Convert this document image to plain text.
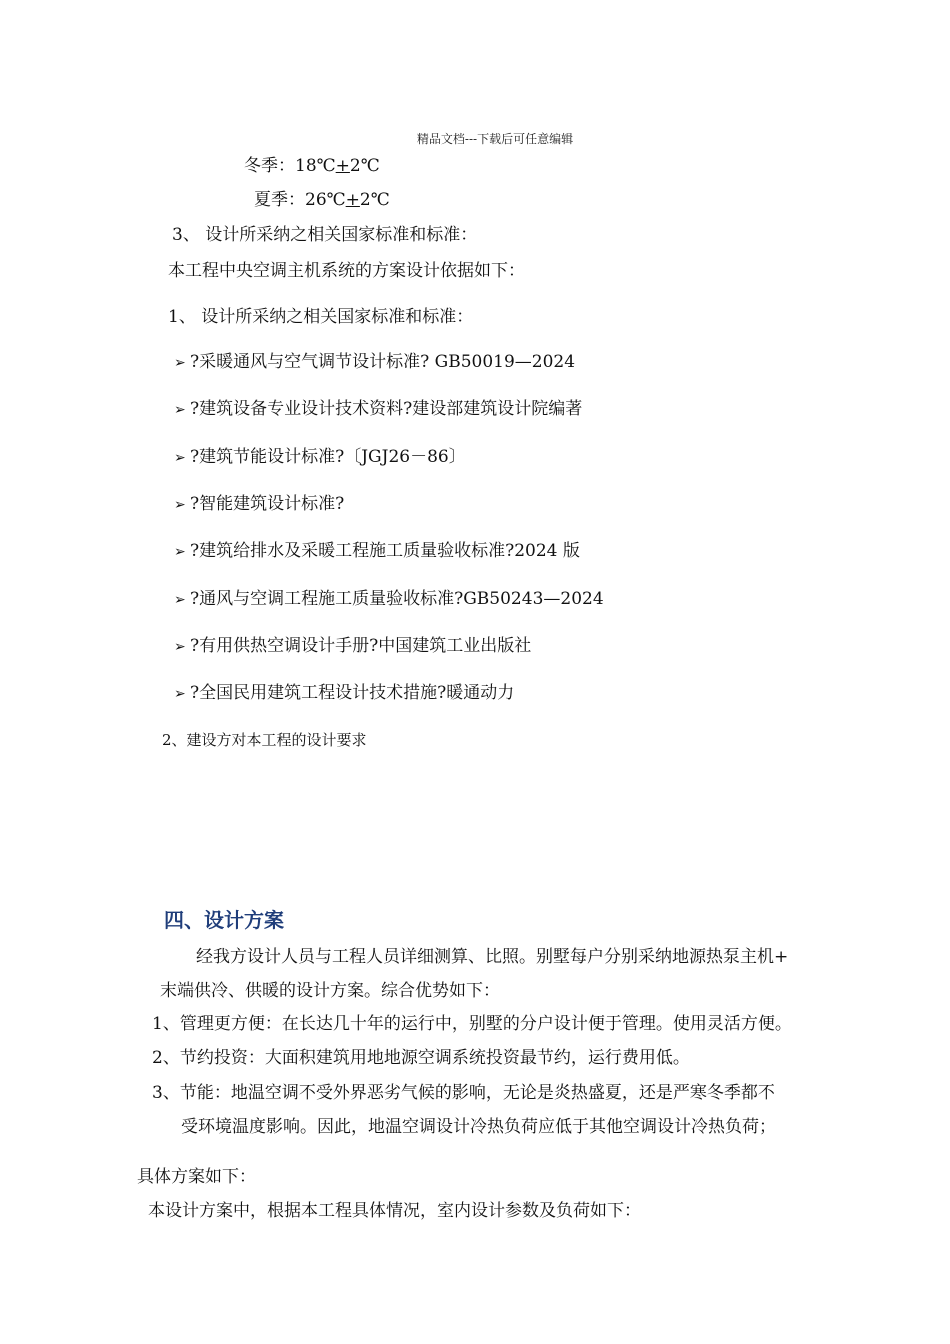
精品文档---下载后可任意编辑
冬季：18℃+2℃
夏季：26℃+2℃
3、 设计所采纳之相关国家标准和标准：
本工程中央空调主机系统的方案设计依据如下：
1、 设计所采纳之相关国家标准和标准：
➢ ?采暖通风与空气调节设计标准? GB50019—2024
➢ ?建筑设备专业设计技术资料?建设部建筑设计院编著
➢ ?建筑节能设计标准?〔JGJ26－86〕
➢ ?智能建筑设计标准?
➢ ?建筑给排水及采暖工程施工质量验收标准?2024 版
➢ ?通风与空调工程施工质量验收标准?GB50243—2024
➢ ?有用供热空调设计手册?中国建筑工业出版社
➢ ?全国民用建筑工程设计技术措施?暖通动力
2、建设方对本工程的设计要求
四、设计方案
经我方设计人员与工程人员详细测算、比照。别墅每户分别采纳地源热泵主机+
末端供冷、供暖的设计方案。综合优势如下：
1、管理更方便：在长达几十年的运行中，别墅的分户设计便于管理。使用灵活方便。
2、节约投资：大面积建筑用地地源空调系统投资最节约，运行费用低。
3、节能：地温空调不受外界恶劣气候的影响，无论是炎热盛夏，还是严寒冬季都不
受环境温度影响。因此，地温空调设计冷热负荷应低于其他空调设计冷热负荷；
具体方案如下：
本设计方案中，根据本工程具体情况，室内设计参数及负荷如下：
